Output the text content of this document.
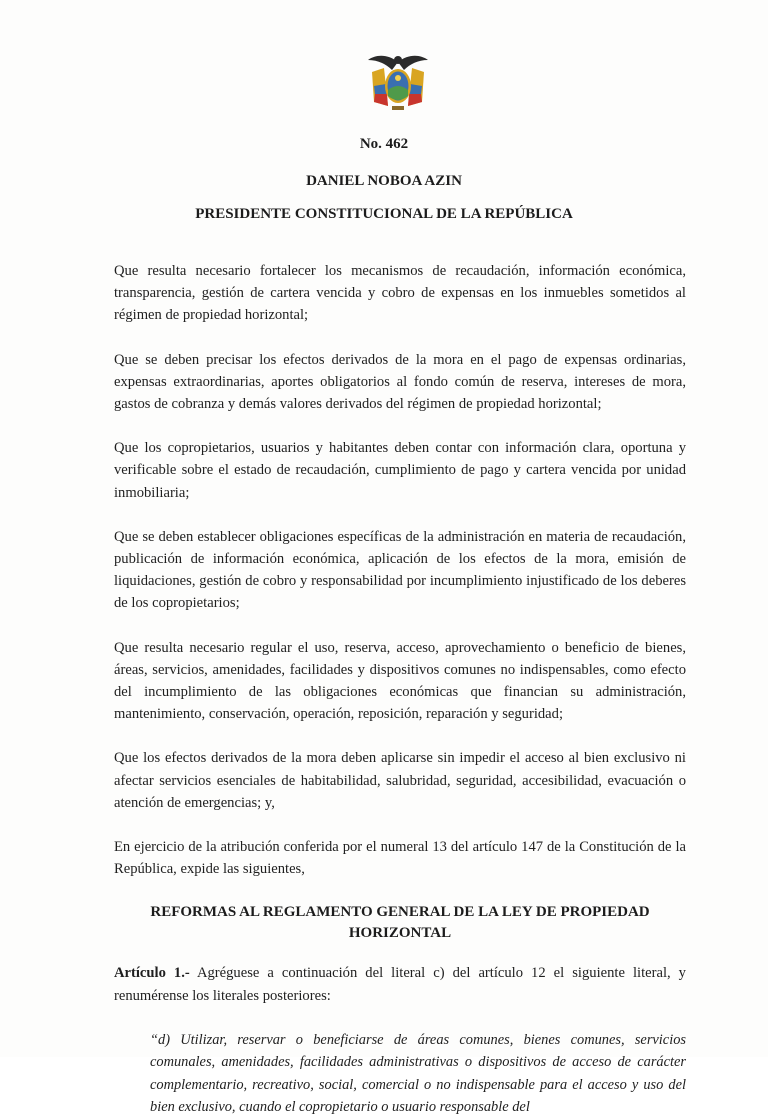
No. 462
DANIEL NOBOA AZIN
PRESIDENTE CONSTITUCIONAL DE LA REPÚBLICA

Que resulta necesario fortalecer los mecanismos de recaudación, información económica, transparencia, gestión de cartera vencida y cobro de expensas en los inmuebles sometidos al régimen de propiedad horizontal;

Que se deben precisar los efectos derivados de la mora en el pago de expensas ordinarias, expensas extraordinarias, aportes obligatorios al fondo común de reserva, intereses de mora, gastos de cobranza y demás valores derivados del régimen de propiedad horizontal;

Que los copropietarios, usuarios y habitantes deben contar con información clara, oportuna y verificable sobre el estado de recaudación, cumplimiento de pago y cartera vencida por unidad inmobiliaria;

Que se deben establecer obligaciones específicas de la administración en materia de recaudación, publicación de información económica, aplicación de los efectos de la mora, emisión de liquidaciones, gestión de cobro y responsabilidad por incumplimiento injustificado de los deberes de los copropietarios;

Que resulta necesario regular el uso, reserva, acceso, aprovechamiento o beneficio de bienes, áreas, servicios, amenidades, facilidades y dispositivos comunes no indispensables, como efecto del incumplimiento de las obligaciones económicas que financian su administración, mantenimiento, conservación, operación, reposición, reparación y seguridad;

Que los efectos derivados de la mora deben aplicarse sin impedir el acceso al bien exclusivo ni afectar servicios esenciales de habitabilidad, salubridad, seguridad, accesibilidad, evacuación o atención de emergencias; y,

En ejercicio de la atribución conferida por el numeral 13 del artículo 147 de la Constitución de la República, expide las siguientes,

REFORMAS AL REGLAMENTO GENERAL DE LA LEY DE PROPIEDAD HORIZONTAL

Artículo 1.- Agréguese a continuación del literal c) del artículo 12 el siguiente literal, y renumérense los literales posteriores:

“d) Utilizar, reservar o beneficiarse de áreas comunes, bienes comunes, servicios comunales, amenidades, facilidades administrativas o dispositivos de acceso de carácter complementario, recreativo, social, comercial o no indispensable para el acceso y uso del bien exclusivo, cuando el copropietario o usuario responsable del
